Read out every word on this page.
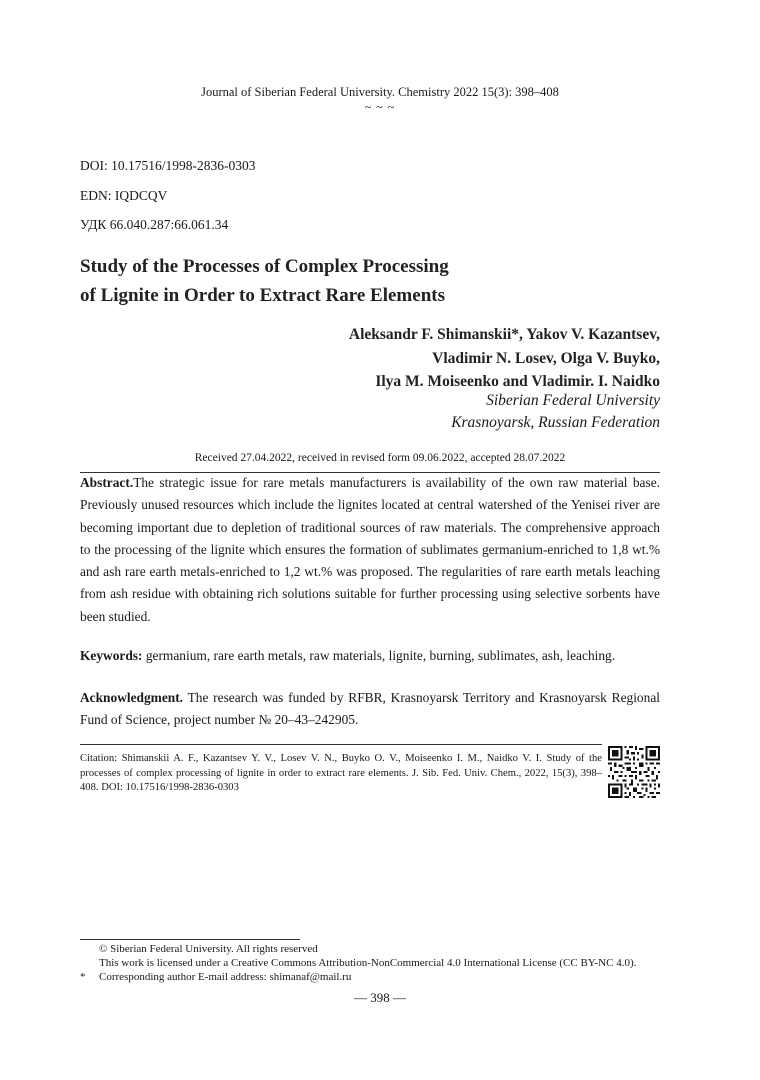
Journal of Siberian Federal University. Chemistry 2022 15(3): 398–408
~ ~ ~
DOI: 10.17516/1998-2836-0303
EDN: IQDCQV
УДК 66.040.287:66.061.34
Study of the Processes of Complex Processing
of Lignite in Order to Extract Rare Elements
Aleksandr F. Shimanskii*, Yakov V. Kazantsev,
Vladimir N. Losev, Olga V. Buyko,
Ilya M. Moiseenko and Vladimir. I. Naidko
Siberian Federal University
Krasnoyarsk, Russian Federation
Received 27.04.2022, received in revised form 09.06.2022, accepted 28.07.2022
Abstract.The strategic issue for rare metals manufacturers is availability of the own raw material base. Previously unused resources which include the lignites located at central watershed of the Yenisei river are becoming important due to depletion of traditional sources of raw materials. The comprehensive approach to the processing of the lignite which ensures the formation of sublimates germanium-enriched to 1,8 wt.% and ash rare earth metals-enriched to 1,2 wt.% was proposed. The regularities of rare earth metals leaching from ash residue with obtaining rich solutions suitable for further processing using selective sorbents have been studied.
Keywords: germanium, rare earth metals, raw materials, lignite, burning, sublimates, ash, leaching.
Acknowledgment. The research was funded by RFBR, Krasnoyarsk Territory and Krasnoyarsk Regional Fund of Science, project number № 20–43–242905.
Citation: Shimanskii A. F., Kazantsev Y. V., Losev V. N., Buyko O. V., Moiseenko I. M., Naidko V. I. Study of the processes of complex processing of lignite in order to extract rare elements. J. Sib. Fed. Univ. Chem., 2022, 15(3), 398–408. DOI: 10.17516/1998-2836-0303
© Siberian Federal University. All rights reserved
This work is licensed under a Creative Commons Attribution-NonCommercial 4.0 International License (CC BY-NC 4.0).
* Corresponding author E-mail address: shimanaf@mail.ru
— 398 —
